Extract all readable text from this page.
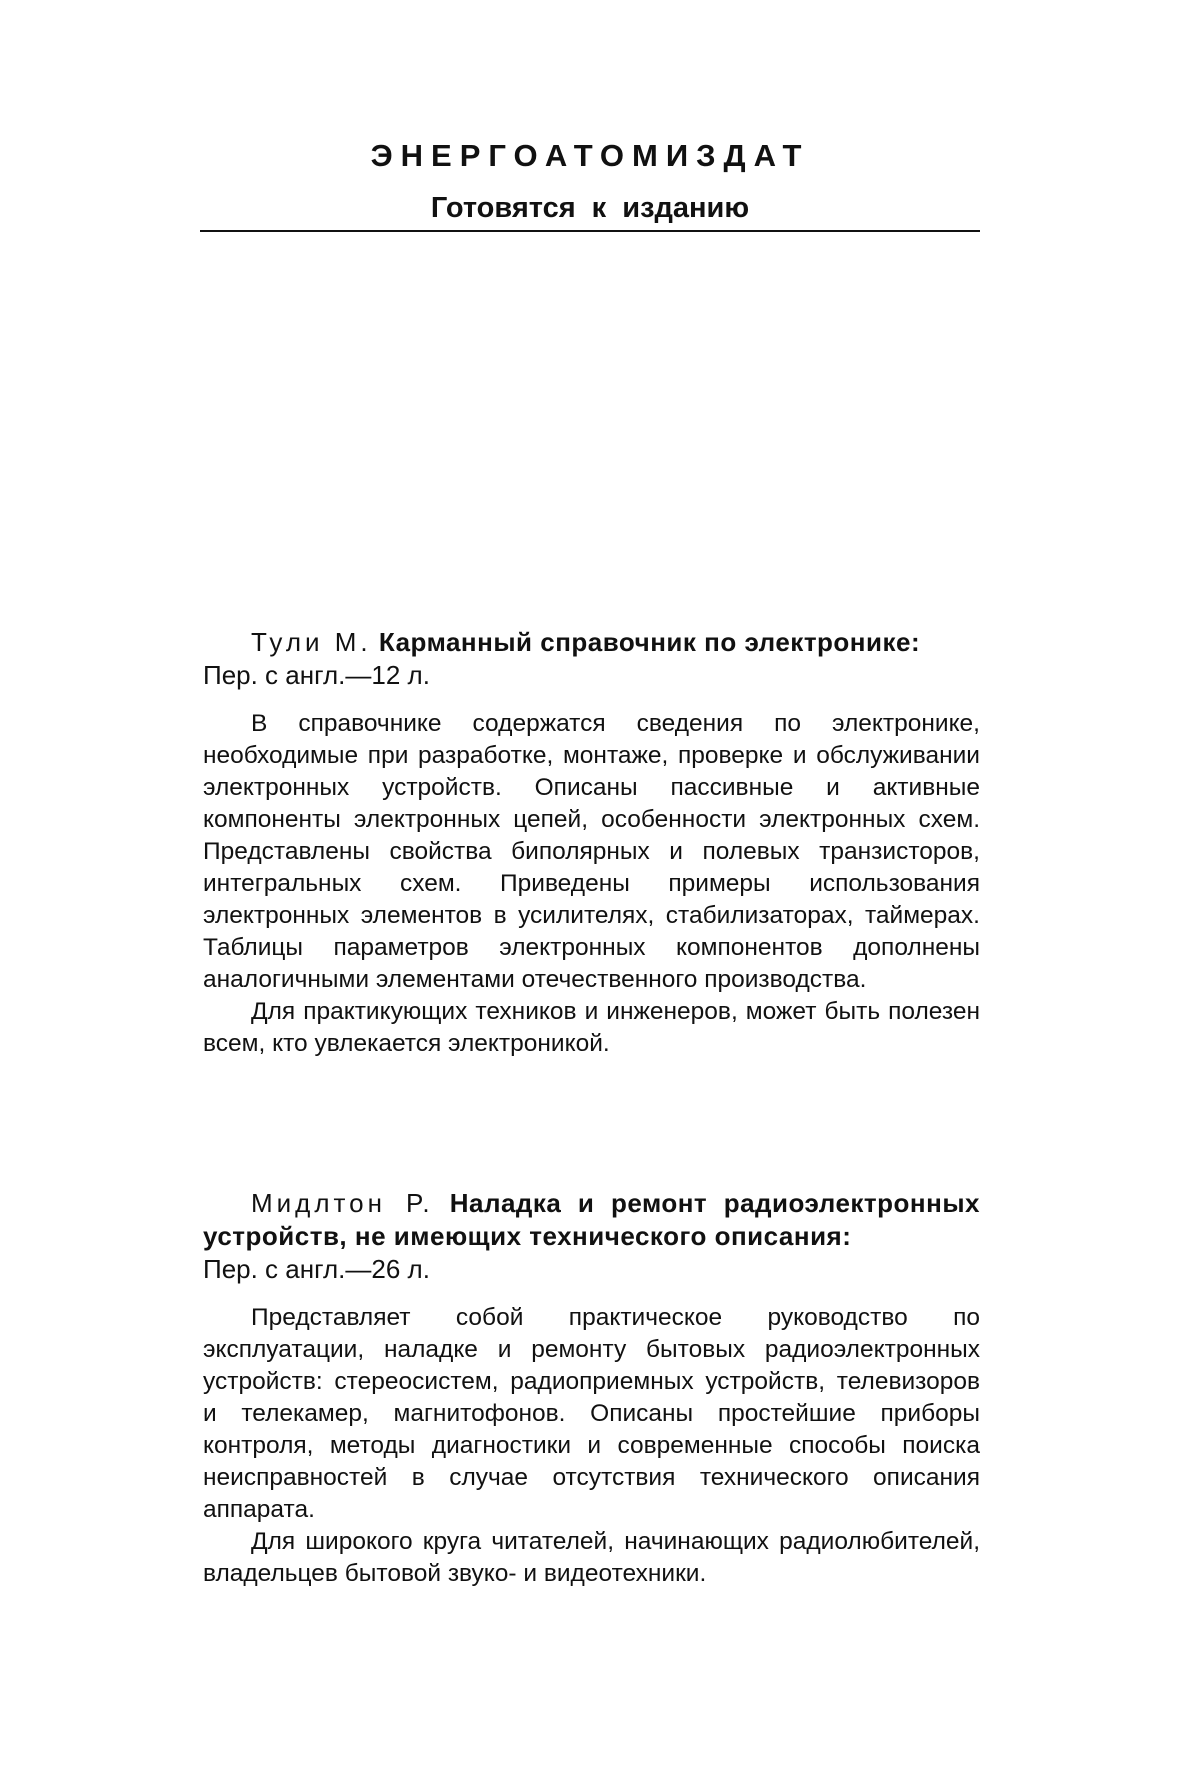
ЭНЕРГОАТОМИЗДАТ
Готовятся к изданию

Тули М. Карманный справочник по электронике:
Пер. с англ.—12 л.

В справочнике содержатся сведения по электронике, необходимые при разработке, монтаже, проверке и обслуживании электронных устройств. Описаны пассивные и активные компоненты электронных цепей, особенности электронных схем. Представлены свойства биполярных и полевых транзисторов, интегральных схем. Приведены примеры использования электронных элементов в усилителях, стабилизаторах, таймерах. Таблицы параметров электронных компонентов дополнены аналогичными элементами отечественного производства.

Для практикующих техников и инженеров, может быть полезен всем, кто увлекается электроникой.

Мидлтон Р. Наладка и ремонт радиоэлектронных устройств, не имеющих технического описания:
Пер. с англ.—26 л.

Представляет собой практическое руководство по эксплуатации, наладке и ремонту бытовых радиоэлектронных устройств: стереосистем, радиоприемных устройств, телевизоров и телекамер, магнитофонов. Описаны простейшие приборы контроля, методы диагностики и современные способы поиска неисправностей в случае отсутствия технического описания аппарата.

Для широкого круга читателей, начинающих радиолюбителей, владельцев бытовой звуко- и видеотехники.
